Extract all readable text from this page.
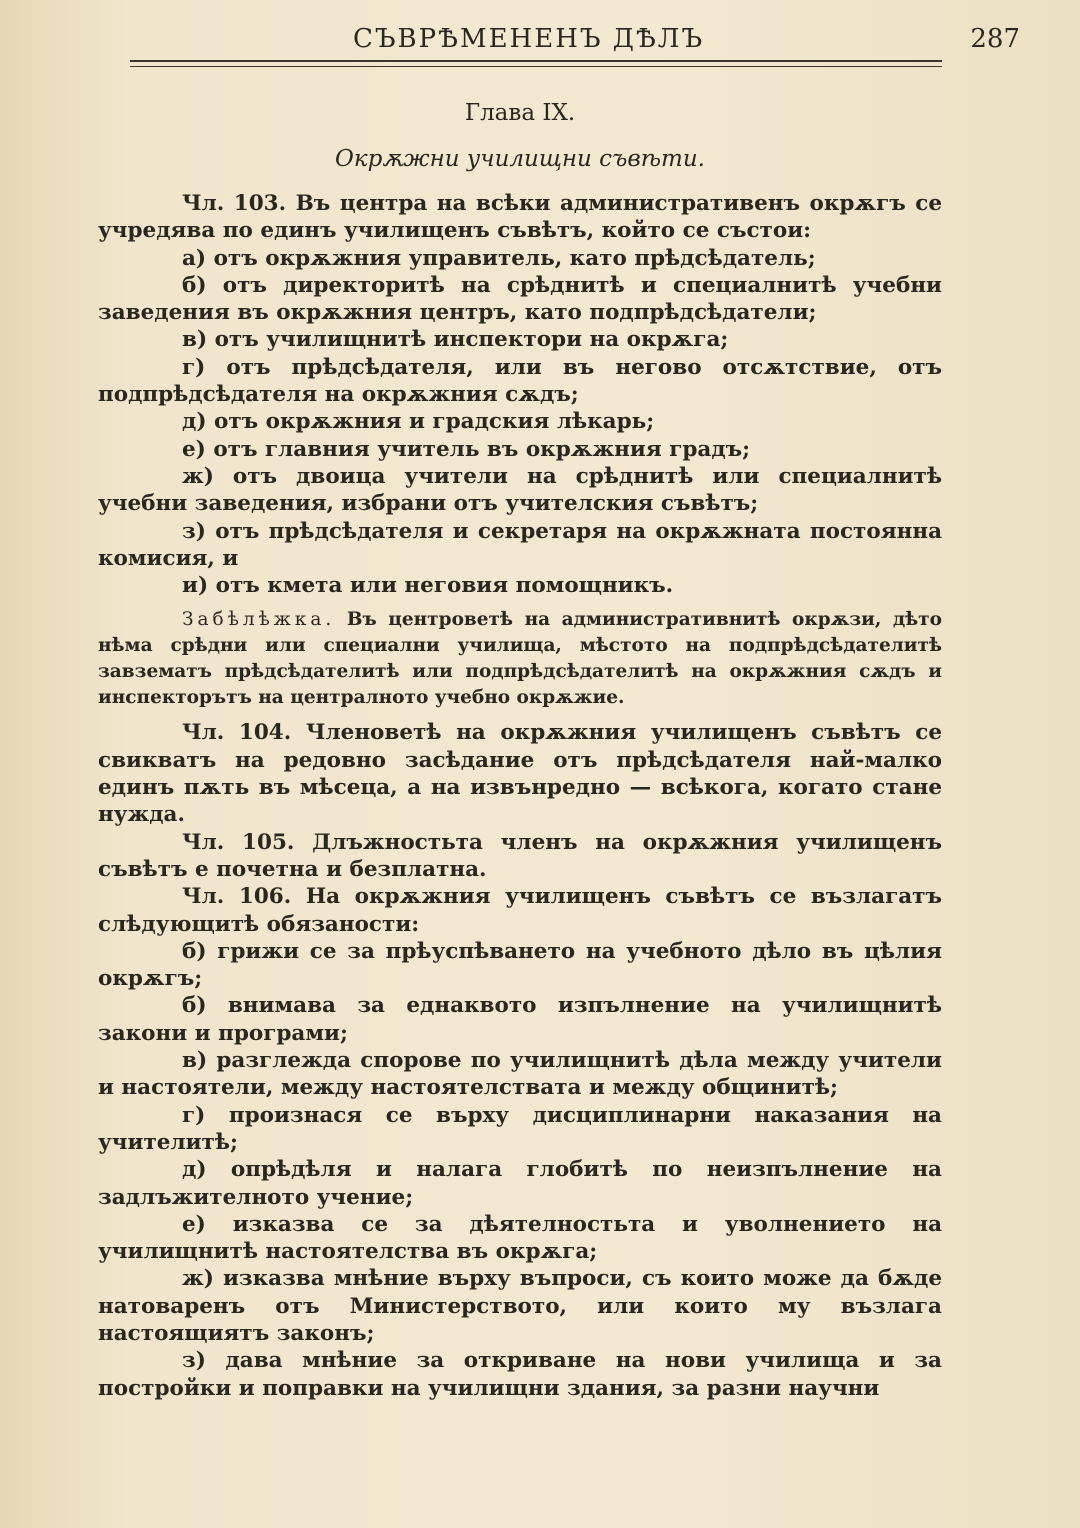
СЪВРѢМЕНЕНЪ ДѢЛЪ	287
Глава IX.
Окрѫжни училищни съвѣти.

Чл. 103. Въ центра на всѣки административенъ окрѫгъ се учредява по единъ училищенъ съвѣтъ, който се състои:

а) отъ окрѫжния управитель, като прѣдсѣдатель;

б) отъ директоритѣ на срѣднитѣ и специалнитѣ учебни заведения въ окрѫжния центръ, като подпрѣдсѣдатели;

в) отъ училищнитѣ инспектори на окрѫга;

г) отъ прѣдсѣдателя, или въ негово отсѫтствие, отъ подпрѣдсѣдателя на окрѫжния сѫдъ;

д) отъ окрѫжния и градския лѣкарь;

е) отъ главния учитель въ окрѫжния градъ;

ж) отъ двоица учители на срѣднитѣ или специалнитѣ учебни заведения, избрани отъ учителския съвѣтъ;

з) отъ прѣдсѣдателя и секретаря на окрѫжната постоянна комисия, и

и) отъ кмета или неговия помощникъ.

Забѣлѣжка. Въ центроветѣ на административнитѣ окрѫзи, дѣто нѣма срѣдни или специални училища, мѣстото на подпрѣдсѣдателитѣ завзематъ прѣдсѣдателитѣ или подпрѣдсѣдателитѣ на окрѫжния сѫдъ и инспекторътъ на централното учебно окрѫжие.

Чл. 104. Членоветѣ на окрѫжния училищенъ съвѣтъ се свикватъ на редовно засѣдание отъ прѣдсѣдателя най-малко единъ пѫть въ мѣсеца, а на извънредно — всѣкога, когато стане нужда.

Чл. 105. Длъжностьта членъ на окрѫжния училищенъ съвѣтъ е почетна и безплатна.

Чл. 106. На окрѫжния училищенъ съвѣтъ се възлагатъ слѣдующитѣ обязаности:

б) грижи се за прѣуспѣването на учебното дѣло въ цѣлия окрѫгъ;

б) внимава за еднаквото изпълнение на училищнитѣ закони и програми;

в) разглежда спорове по училищнитѣ дѣла между учители и настоятели, между настоятелствата и между общинитѣ;

г) произнася се върху дисциплинарни наказания на учителитѣ;

д) опрѣдѣля и налага глобитѣ по неизпълнение на задлъжителното учение;

е) изказва се за дѣятелностьта и уволнението на училищнитѣ настоятелства въ окрѫга;

ж) изказва мнѣние върху въпроси, съ които може да бѫде натоваренъ отъ Министерството, или които му възлага настоящиятъ законъ;

з) дава мнѣние за откриване на нови училища и за постройки и поправки на училищни здания, за разни научни
